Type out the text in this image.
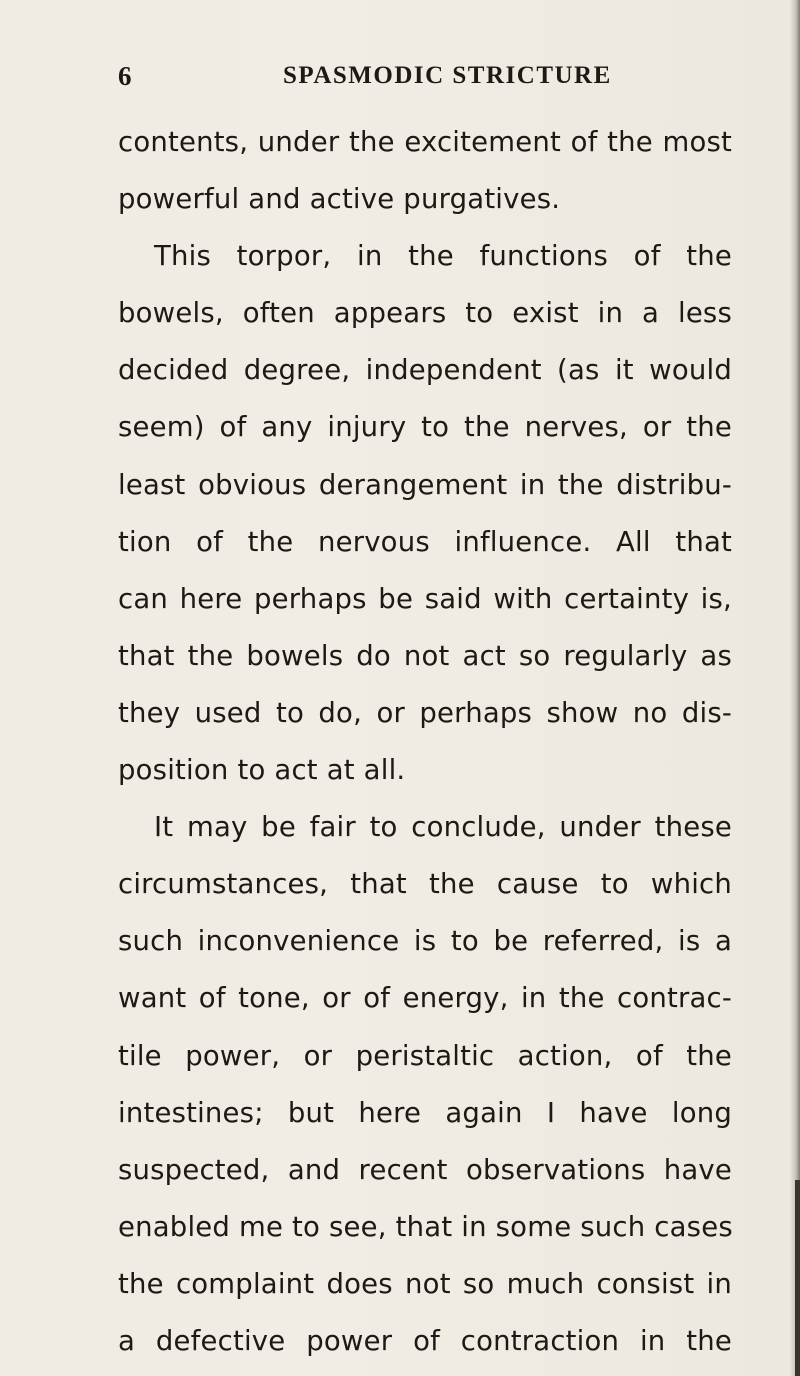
6	SPASMODIC STRICTURE
contents, under the excitement of the most
powerful and active purgatives.
This torpor, in the functions of the
bowels, often appears to exist in a less
decided degree, independent (as it would
seem) of any injury to the nerves, or the
least obvious derangement in the distribu-
tion of the nervous influence. All that
can here perhaps be said with certainty is,
that the bowels do not act so regularly as
they used to do, or perhaps show no dis-
position to act at all.
It may be fair to conclude, under these
circumstances, that the cause to which
such inconvenience is to be referred, is a
want of tone, or of energy, in the contrac-
tile power, or peristaltic action, of the
intestines; but here again I have long
suspected, and recent observations have
enabled me to see, that in some such cases
the complaint does not so much consist in
a defective power of contraction in the
